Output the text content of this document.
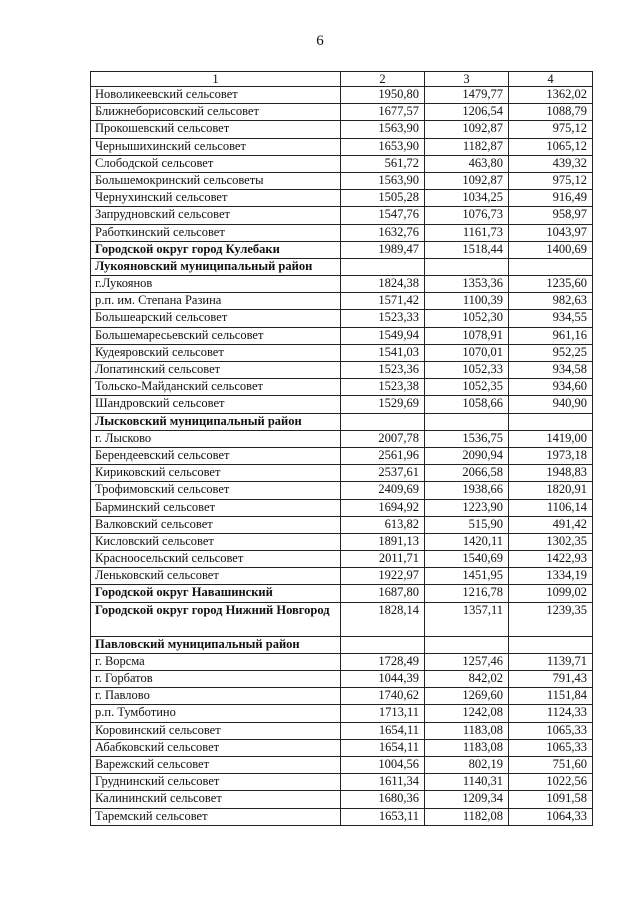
6
1	2	3	4
Новоликеевский сельсовет	1950,80	1479,77	1362,02
Ближнеборисовский сельсовет	1677,57	1206,54	1088,79
Прокошевский сельсовет	1563,90	1092,87	975,12
Чернышихинский сельсовет	1653,90	1182,87	1065,12
Слободской сельсовет	561,72	463,80	439,32
Большемокринский сельсоветы	1563,90	1092,87	975,12
Чернухинский сельсовет	1505,28	1034,25	916,49
Запрудновский сельсовет	1547,76	1076,73	958,97
Работкинский сельсовет	1632,76	1161,73	1043,97
Городской округ город Кулебаки	1989,47	1518,44	1400,69
Лукояновский муниципальный район			
г.Лукоянов	1824,38	1353,36	1235,60
р.п. им. Степана Разина	1571,42	1100,39	982,63
Большеарский сельсовет	1523,33	1052,30	934,55
Большемаресьевский сельсовет	1549,94	1078,91	961,16
Кудеяровский сельсовет	1541,03	1070,01	952,25
Лопатинский сельсовет	1523,36	1052,33	934,58
Тольско-Майданский сельсовет	1523,38	1052,35	934,60
Шандровский сельсовет	1529,69	1058,66	940,90
Лысковский муниципальный район			
г. Лысково	2007,78	1536,75	1419,00
Берендеевский сельсовет	2561,96	2090,94	1973,18
Кириковский сельсовет	2537,61	2066,58	1948,83
Трофимовский сельсовет	2409,69	1938,66	1820,91
Барминский сельсовет	1694,92	1223,90	1106,14
Валковский сельсовет	613,82	515,90	491,42
Кисловский сельсовет	1891,13	1420,11	1302,35
Красноосельский сельсовет	2011,71	1540,69	1422,93
Леньковский сельсовет	1922,97	1451,95	1334,19
Городской округ Навашинский	1687,80	1216,78	1099,02
Городской округ город Нижний Новгород	1828,14	1357,11	1239,35
Павловский муниципальный район			
г. Ворсма	1728,49	1257,46	1139,71
г. Горбатов	1044,39	842,02	791,43
г. Павлово	1740,62	1269,60	1151,84
р.п. Тумботино	1713,11	1242,08	1124,33
Коровинский сельсовет	1654,11	1183,08	1065,33
Абабковский сельсовет	1654,11	1183,08	1065,33
Варежский сельсовет	1004,56	802,19	751,60
Груднинский сельсовет	1611,34	1140,31	1022,56
Калининский сельсовет	1680,36	1209,34	1091,58
Таремский сельсовет	1653,11	1182,08	1064,33
